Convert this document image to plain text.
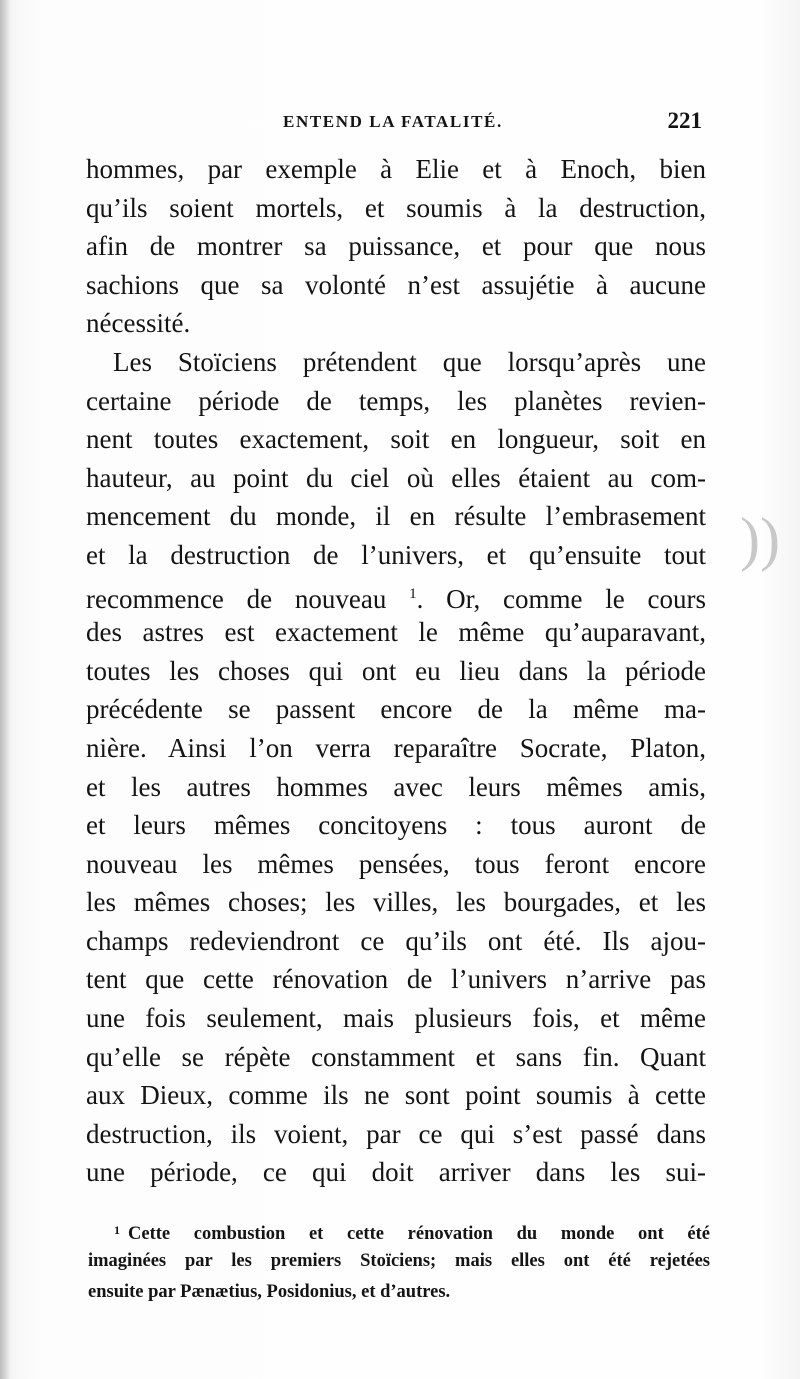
))
ENTEND LA FATALITÉ.	221
hommes, par exemple à Elie et à Enoch, bien
qu’ils soient mortels, et soumis à la destruction,
afin de montrer sa puissance, et pour que nous
sachions que sa volonté n’est assujétie à aucune
nécessité.
Les Stoïciens prétendent que lorsqu’après une
certaine période de temps, les planètes revien-
nent toutes exactement, soit en longueur, soit en
hauteur, au point du ciel où elles étaient au com-
mencement du monde, il en résulte l’embrasement
et la destruction de l’univers, et qu’ensuite tout
recommence de nouveau $^1$. Or, comme le cours
des astres est exactement le même qu’auparavant,
toutes les choses qui ont eu lieu dans la période
précédente se passent encore de la même ma-
nière. Ainsi l’on verra reparaître Socrate, Platon,
et les autres hommes avec leurs mêmes amis,
et leurs mêmes concitoyens : tous auront de
nouveau les mêmes pensées, tous feront encore
les mêmes choses; les villes, les bourgades, et les
champs redeviendront ce qu’ils ont été. Ils ajou-
tent que cette rénovation de l’univers n’arrive pas
une fois seulement, mais plusieurs fois, et même
qu’elle se répète constamment et sans fin. Quant
aux Dieux, comme ils ne sont point soumis à cette
destruction, ils voient, par ce qui s’est passé dans
une période, ce qui doit arriver dans les sui-
$^1$ Cette combustion et cette rénovation du monde ont été
imaginées par les premiers Stoïciens; mais elles ont été rejetées
ensuite par Pænætius, Posidonius, et d’autres.
